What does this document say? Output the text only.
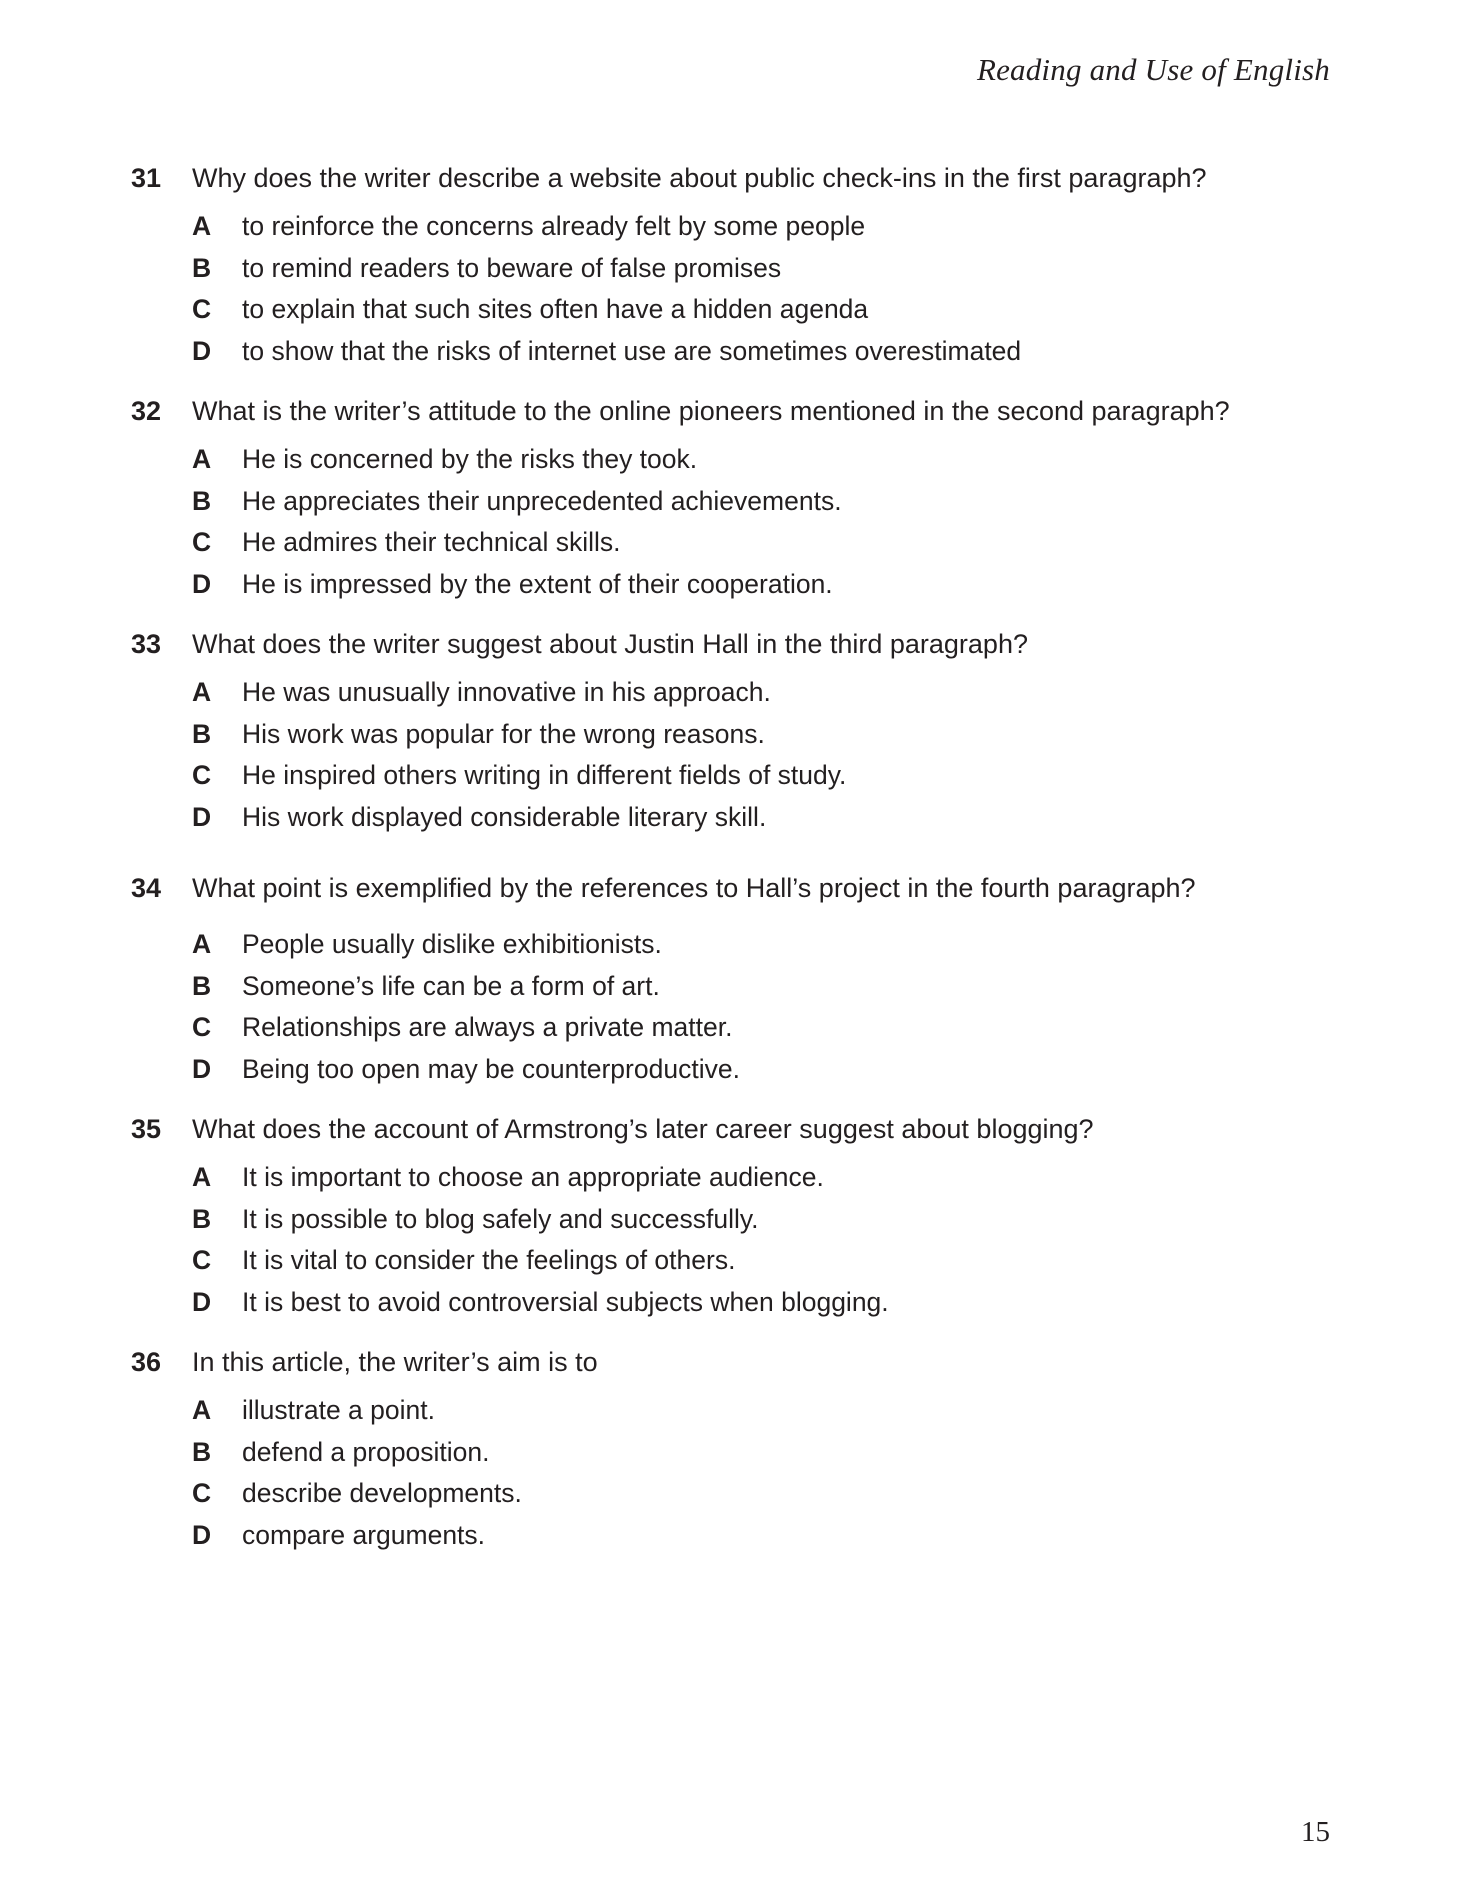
Reading and Use of English
31	Why does the writer describe a website about public check-ins in the first paragraph?
A	to reinforce the concerns already felt by some people
B	to remind readers to beware of false promises
C	to explain that such sites often have a hidden agenda
D	to show that the risks of internet use are sometimes overestimated
32	What is the writer’s attitude to the online pioneers mentioned in the second paragraph?
A	He is concerned by the risks they took.
B	He appreciates their unprecedented achievements.
C	He admires their technical skills.
D	He is impressed by the extent of their cooperation.
33	What does the writer suggest about Justin Hall in the third paragraph?
A	He was unusually innovative in his approach.
B	His work was popular for the wrong reasons.
C	He inspired others writing in different fields of study.
D	His work displayed considerable literary skill.
34	What point is exemplified by the references to Hall’s project in the fourth paragraph?
A	People usually dislike exhibitionists.
B	Someone’s life can be a form of art.
C	Relationships are always a private matter.
D	Being too open may be counterproductive.
35	What does the account of Armstrong’s later career suggest about blogging?
A	It is important to choose an appropriate audience.
B	It is possible to blog safely and successfully.
C	It is vital to consider the feelings of others.
D	It is best to avoid controversial subjects when blogging.
36	In this article, the writer’s aim is to
A	illustrate a point.
B	defend a proposition.
C	describe developments.
D	compare arguments.
15
